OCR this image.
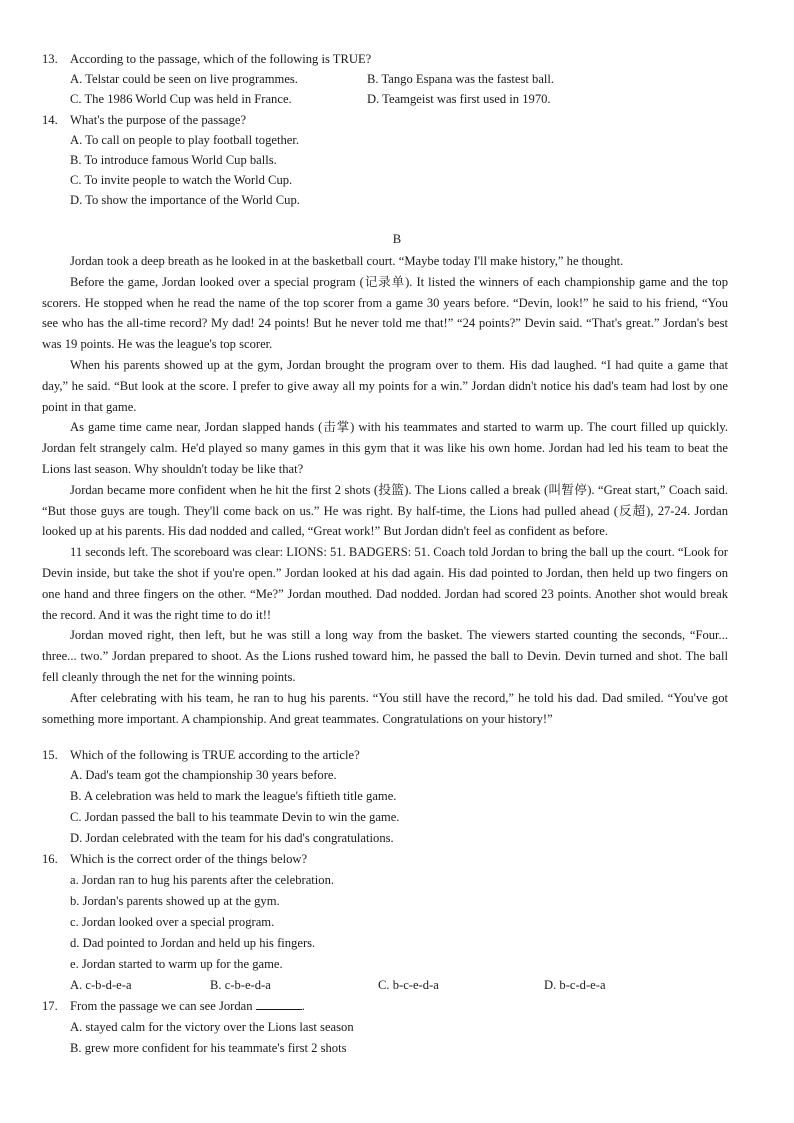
13. According to the passage, which of the following is TRUE?
A. Telstar could be seen on live programmes.	B. Tango Espana was the fastest ball.
C. The 1986 World Cup was held in France.	D. Teamgeist was first used in 1970.
14. What's the purpose of the passage?
A. To call on people to play football together.
B. To introduce famous World Cup balls.
C. To invite people to watch the World Cup.
D. To show the importance of the World Cup.
B
Jordan took a deep breath as he looked in at the basketball court. “Maybe today I'll make history,” he thought.
Before the game, Jordan looked over a special program (记录单). It listed the winners of each championship game and the top scorers. He stopped when he read the name of the top scorer from a game 30 years before. “Devin, look!” he said to his friend, “You see who has the all-time record? My dad! 24 points! But he never told me that!” “24 points?” Devin said. “That's great.” Jordan's best was 19 points. He was the league's top scorer.
When his parents showed up at the gym, Jordan brought the program over to them. His dad laughed. “I had quite a game that day,” he said. “But look at the score. I prefer to give away all my points for a win.” Jordan didn't notice his dad's team had lost by one point in that game.
As game time came near, Jordan slapped hands (击掌) with his teammates and started to warm up. The court filled up quickly. Jordan felt strangely calm. He'd played so many games in this gym that it was like his own home. Jordan had led his team to beat the Lions last season. Why shouldn't today be like that?
Jordan became more confident when he hit the first 2 shots (投篮). The Lions called a break (叫暂停). “Great start,” Coach said. “But those guys are tough. They'll come back on us.” He was right. By half-time, the Lions had pulled ahead (反超), 27-24. Jordan looked up at his parents. His dad nodded and called, “Great work!” But Jordan didn't feel as confident as before.
11 seconds left. The scoreboard was clear: LIONS: 51. BADGERS: 51. Coach told Jordan to bring the ball up the court. “Look for Devin inside, but take the shot if you're open.” Jordan looked at his dad again. His dad pointed to Jordan, then held up two fingers on one hand and three fingers on the other. “Me?” Jordan mouthed. Dad nodded. Jordan had scored 23 points. Another shot would break the record. And it was the right time to do it!!
Jordan moved right, then left, but he was still a long way from the basket. The viewers started counting the seconds, “Four... three... two.” Jordan prepared to shoot. As the Lions rushed toward him, he passed the ball to Devin. Devin turned and shot. The ball fell cleanly through the net for the winning points.
After celebrating with his team, he ran to hug his parents. “You still have the record,” he told his dad. Dad smiled. “You've got something more important. A championship. And great teammates. Congratulations on your history!”
15. Which of the following is TRUE according to the article?
A. Dad's team got the championship 30 years before.
B. A celebration was held to mark the league's fiftieth title game.
C. Jordan passed the ball to his teammate Devin to win the game.
D. Jordan celebrated with the team for his dad's congratulations.
16. Which is the correct order of the things below?
a. Jordan ran to hug his parents after the celebration.
b. Jordan's parents showed up at the gym.
c. Jordan looked over a special program.
d. Dad pointed to Jordan and held up his fingers.
e. Jordan started to warm up for the game.
A. c-b-d-e-a	B. c-b-e-d-a	C. b-c-e-d-a	D. b-c-d-e-a
17. From the passage we can see Jordan	.
A. stayed calm for the victory over the Lions last season
B. grew more confident for his teammate's first 2 shots
